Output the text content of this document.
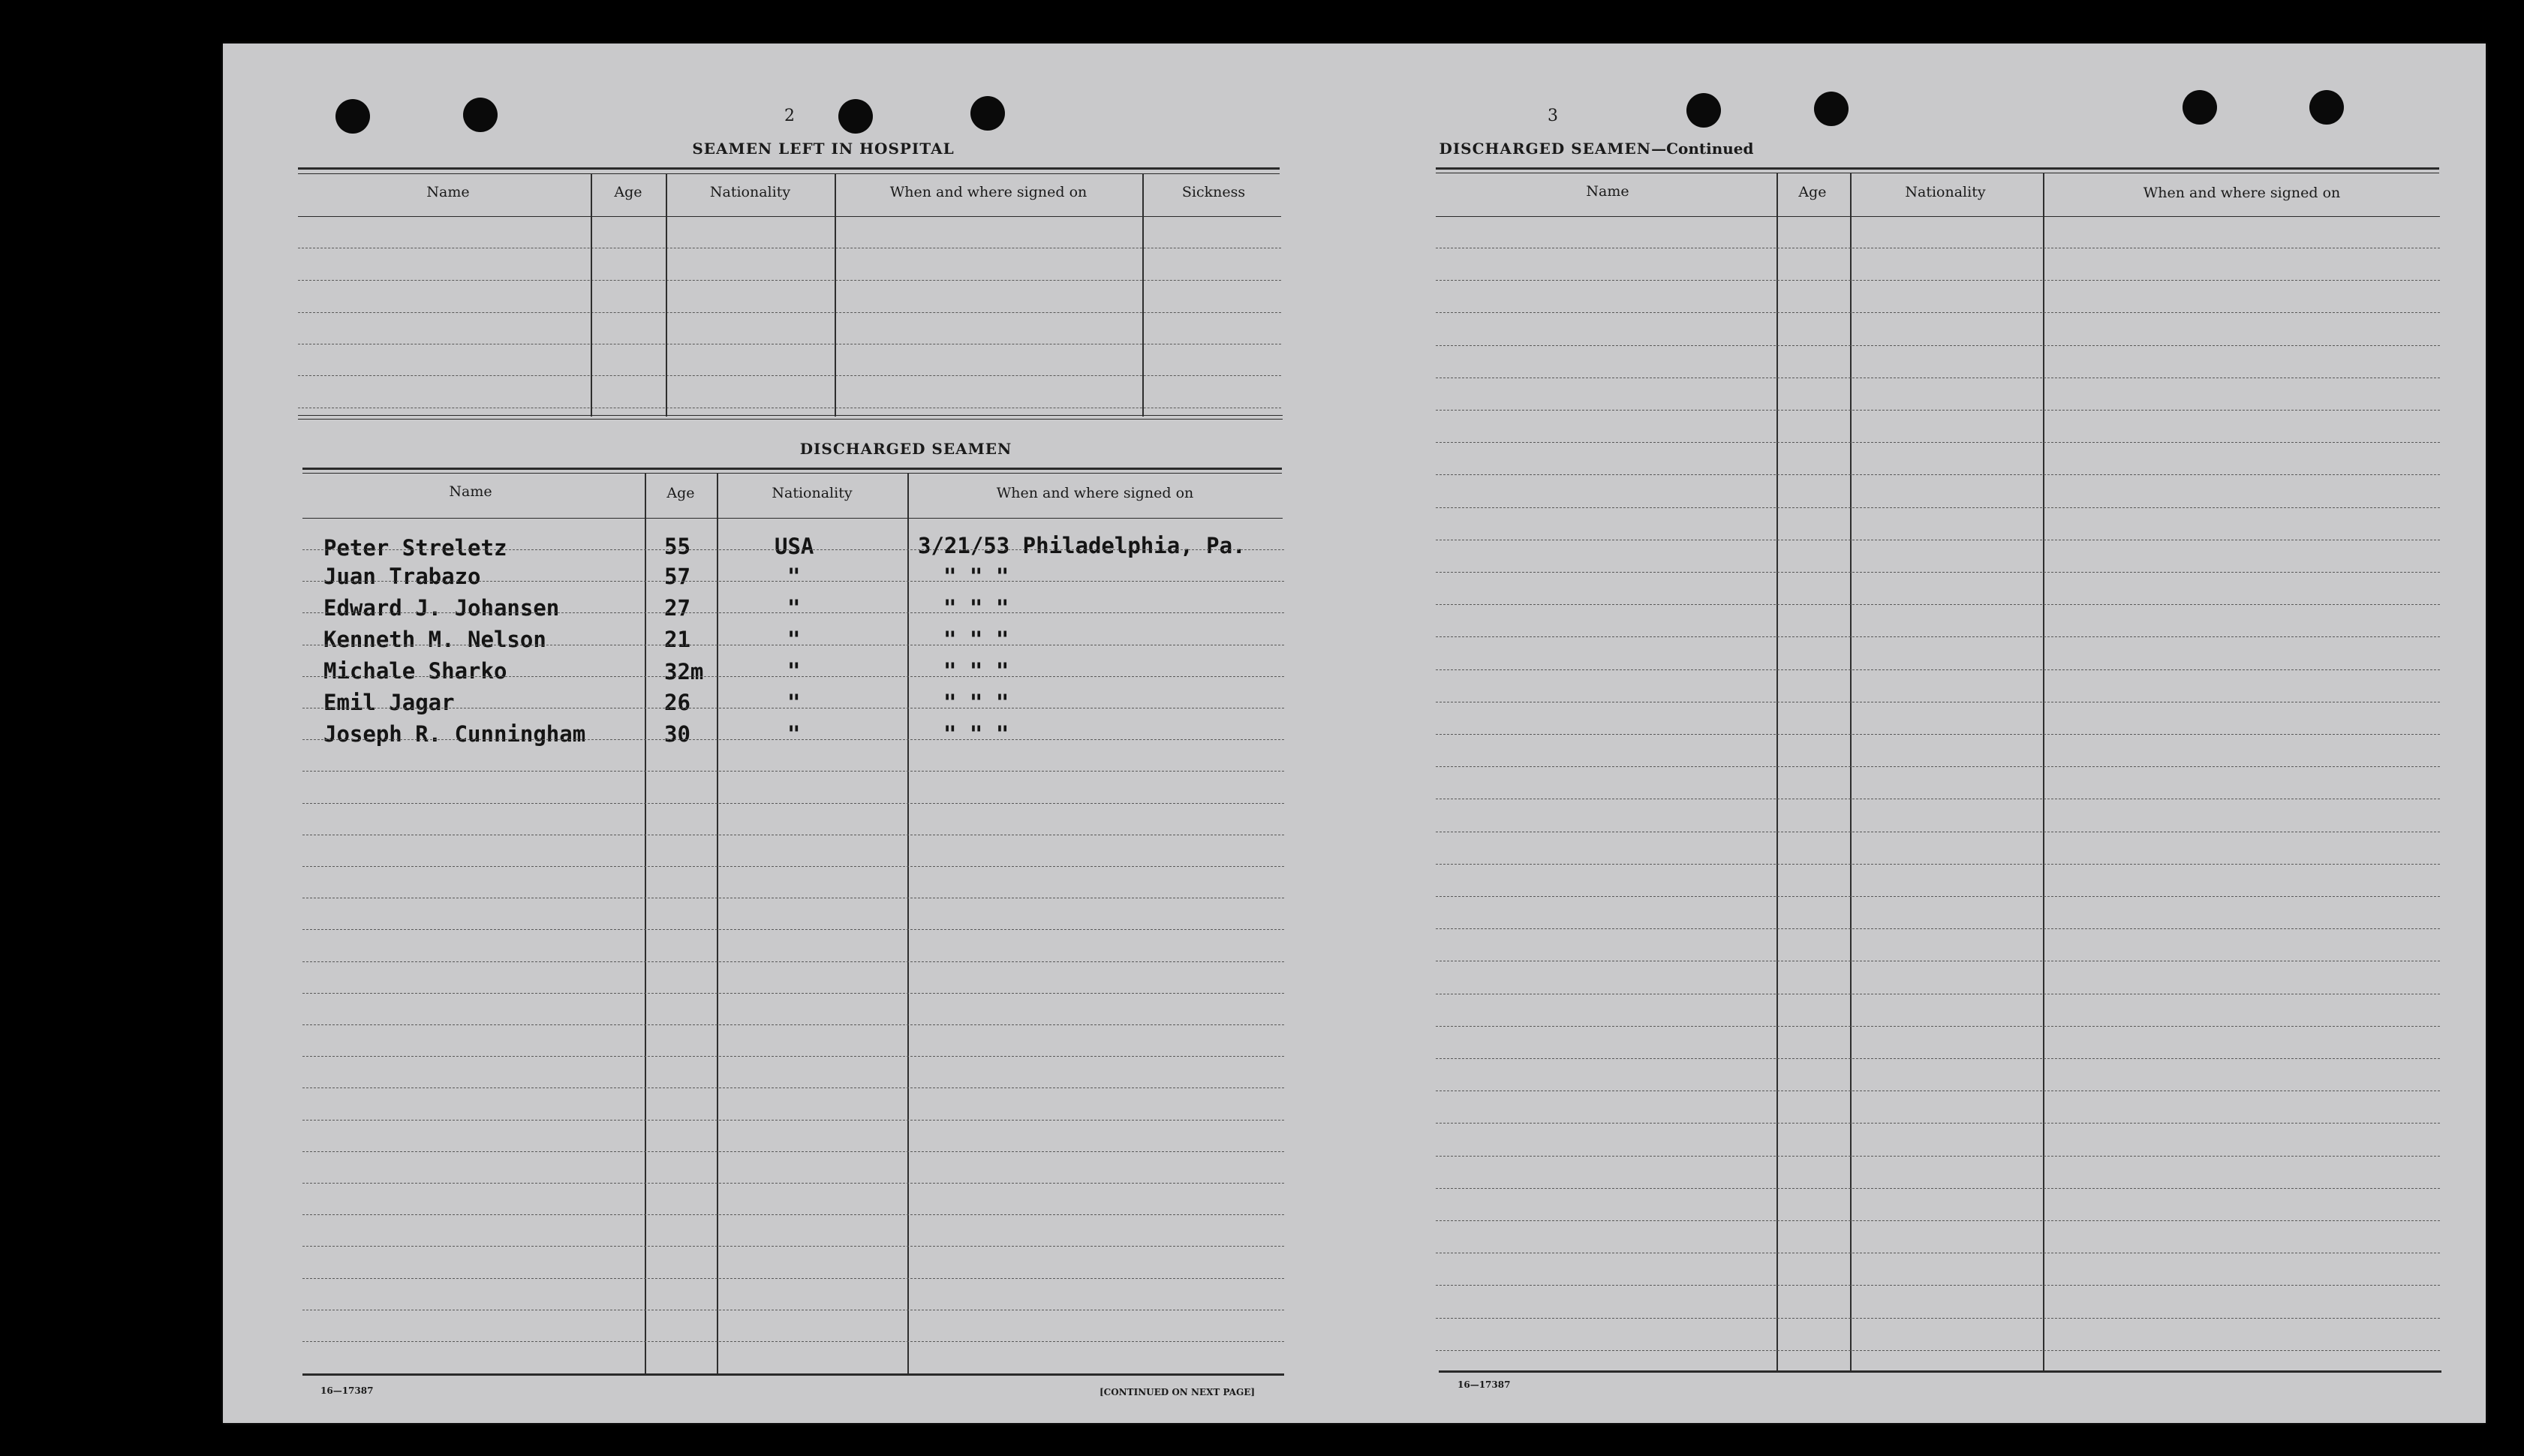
2
SEAMEN LEFT IN HOSPITAL
Name	Age	Nationality	When and where signed on	Sickness
DISCHARGED SEAMEN
Name	Age	Nationality	When and where signed on
Peter Streletz	55	USA	3/21/53 Philadelphia, Pa.
Juan Trabazo	57	"	" " "
Edward J. Johansen	27	"	" " "
Kenneth M. Nelson	21	"	" " "
Michale Sharko	32m	"	" " "
Emil Jagar	26	"	" " "
Joseph R. Cunningham	30	"	" " "
16—17387	[CONTINUED ON NEXT PAGE]
3
DISCHARGED SEAMEN—Continued
Name	Age	Nationality	When and where signed on
16—17387
